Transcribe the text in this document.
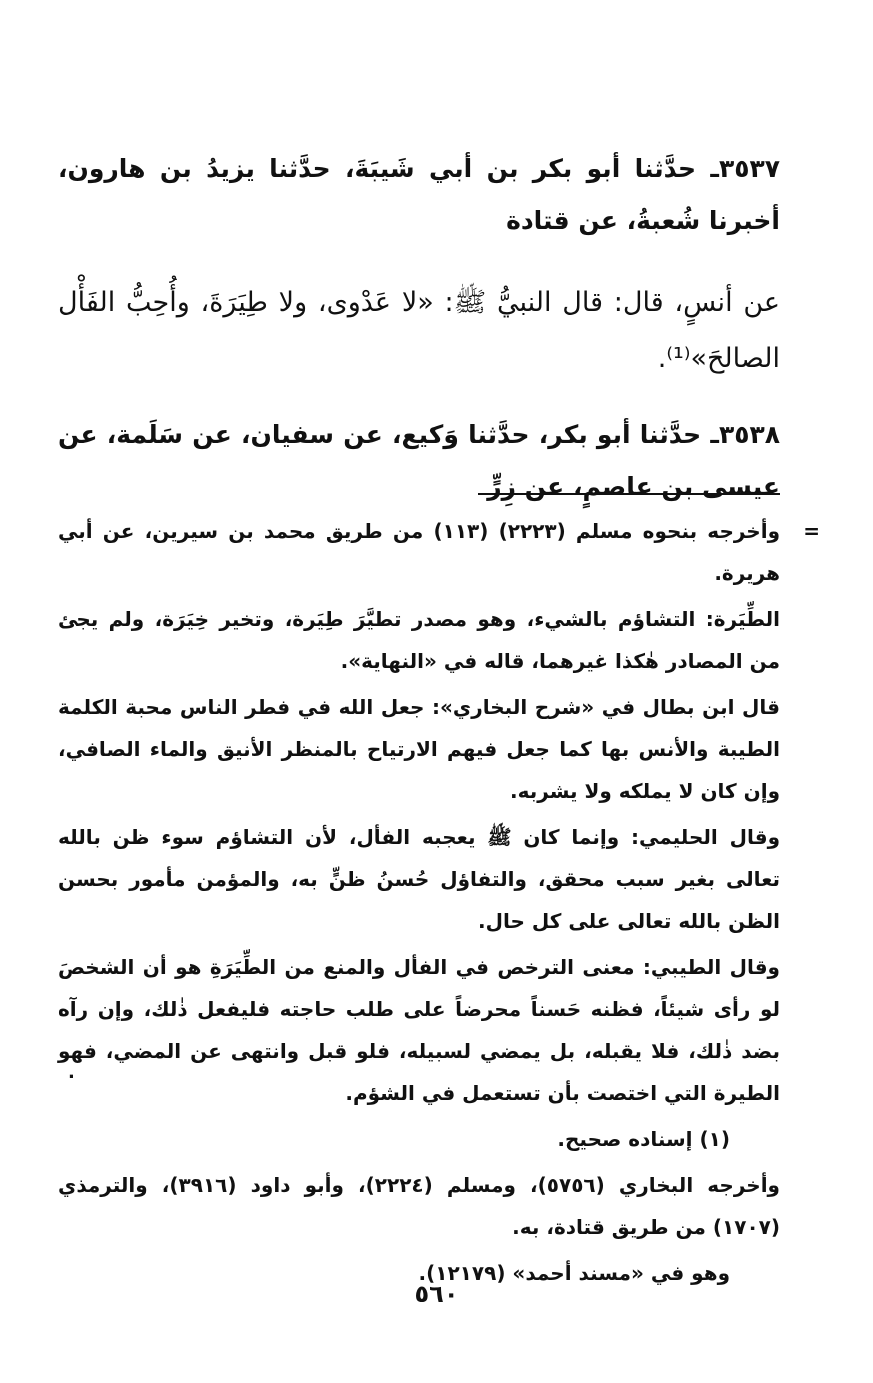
٣٥٣٧ـ حدَّثنا أبو بكر بن أبي شَيبَةَ، حدَّثنا يزيدُ بن هارون، أخبرنا شُعبةُ، عن قتادة

عن أنسٍ، قال: قال النبيُّ ﷺ: «لا عَدْوى، ولا طِيَرَةَ، وأُحِبُّ الفَأْل الصالحَ»⁽¹⁾.

٣٥٣٨ـ حدَّثنا أبو بكر، حدَّثنا وَكيع، عن سفيان، عن سَلَمة، عن عيسى بن عاصمٍ، عن زِرٍّ

=
وأخرجه بنحوه مسلم (٢٢٢٣) (١١٣) من طريق محمد بن سيرين، عن أبي هريرة.

الطِّيَرة: التشاؤم بالشيء، وهو مصدر تطيَّرَ طِيَرة، وتخير خِيَرَة، ولم يجئ من المصادر هٰكذا غيرهما، قاله في «النهاية».

قال ابن بطال في «شرح البخاري»: جعل الله في فطر الناس محبة الكلمة الطيبة والأنس بها كما جعل فيهم الارتياح بالمنظر الأنيق والماء الصافي، وإن كان لا يملكه ولا يشربه.

وقال الحليمي: وإنما كان ﷺ يعجبه الفأل، لأن التشاؤم سوء ظن بالله تعالى بغير سبب محقق، والتفاؤل حُسنُ ظنٍّ به، والمؤمن مأمور بحسن الظن بالله تعالى على كل حال.

وقال الطيبي: معنى الترخص في الفأل والمنع من الطِّيَرَةِ هو أن الشخصَ لو رأى شيئاً، فظنه حَسناً محرضاً على طلب حاجته فليفعل ذٰلك، وإن رآه بضد ذٰلك، فلا يقبله، بل يمضي لسبيله، فلو قبل وانتهى عن المضي، فهو الطيرة التي اختصت بأن تستعمل في الشؤم.

(١) إسناده صحيح.

وأخرجه البخاري (٥٧٥٦)، ومسلم (٢٢٢٤)، وأبو داود (٣٩١٦)، والترمذي (١٧٠٧) من طريق قتادة، به.

وهو في «مسند أحمد» (١٢١٧٩).

.
٥٦٠
